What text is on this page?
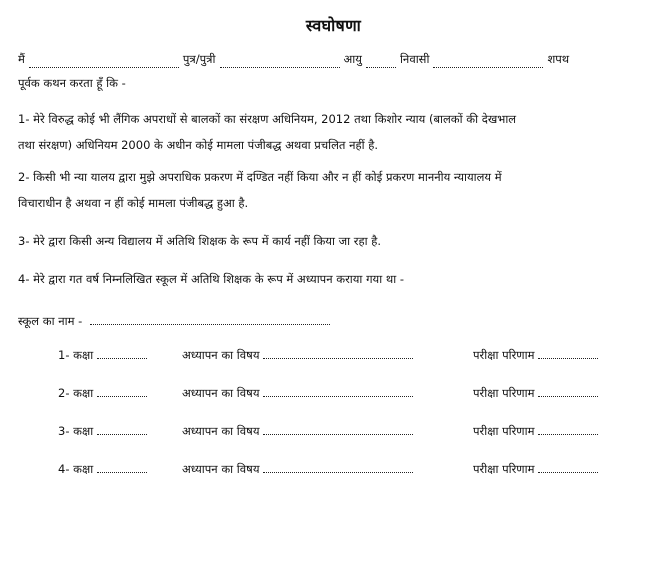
स्वघोषणा
मैं	पुत्र/पुत्री	आयु	निवासी	शपथ
पूर्वक कथन करता हूँ कि -

1- मेरे विरुद्ध कोई भी लैंगिक अपराधों से बालकों का संरक्षण अधिनियम, 2012 तथा किशोर न्याय (बालकों की देखभाल

तथा संरक्षण) अधिनियम 2000 के अधीन कोई मामला पंजीबद्ध अथवा प्रचलित नहीं है.

2- किसी भी न्या यालय द्वारा मुझे अपराधिक प्रकरण में दण्डित नहीं किया और न हीं कोई प्रकरण माननीय न्यायालय में

विचाराधीन है अथवा न हीं कोई मामला पंजीबद्ध हुआ है.

3- मेरे द्वारा किसी अन्य विद्यालय में अतिथि शिक्षक के रूप में कार्य नहीं किया जा रहा है.

4- मेरे द्वारा गत वर्ष निम्नलिखित स्कूल में अतिथि शिक्षक के रूप में अध्यापन कराया गया था -

स्कूल का नाम -
1- कक्षा	अध्यापन का विषय	परीक्षा परिणाम
2- कक्षा	अध्यापन का विषय	परीक्षा परिणाम
3- कक्षा	अध्यापन का विषय	परीक्षा परिणाम
4- कक्षा	अध्यापन का विषय	परीक्षा परिणाम
